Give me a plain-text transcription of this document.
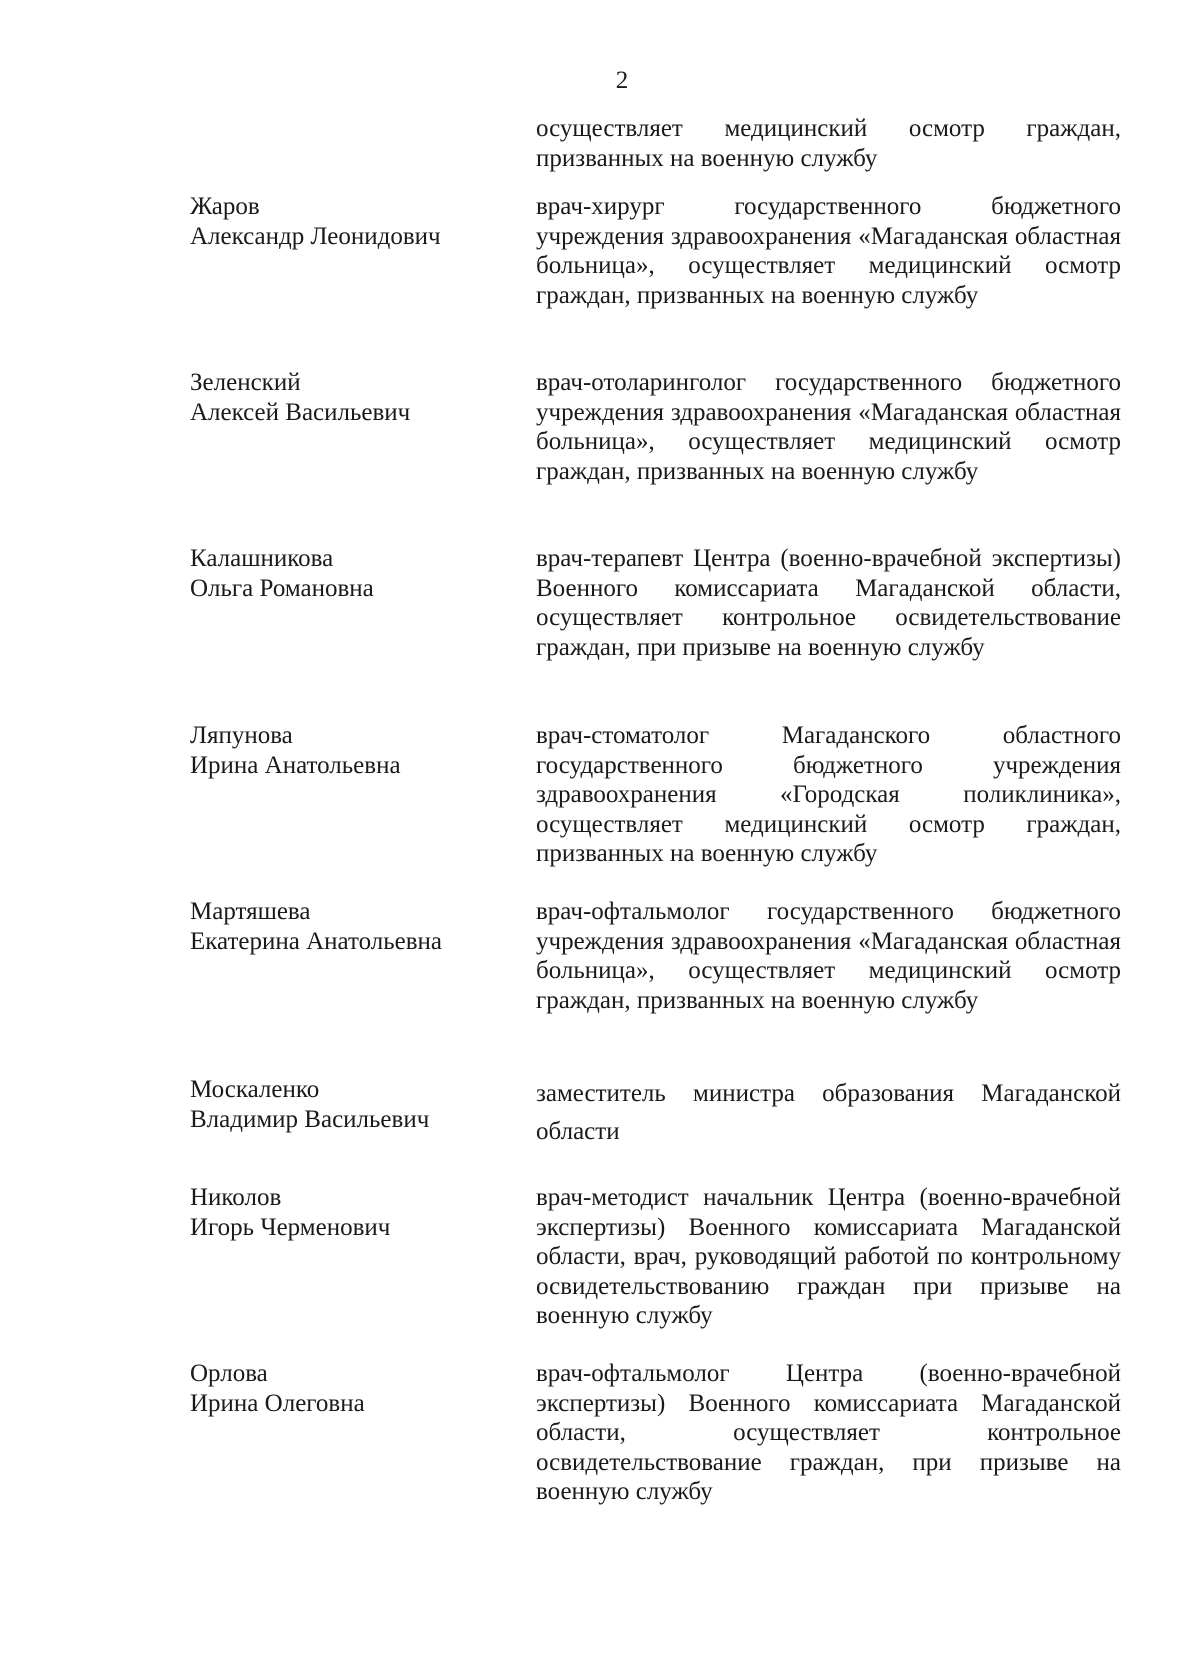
2

осуществляет медицинский осмотр граждан, призванных на военную службу

Жаров
Александр Леонидович

врач-хирург государственного бюджетного учреждения здравоохранения «Магаданская областная больница», осуществляет медицинский осмотр граждан, призванных на военную службу

Зеленский
Алексей Васильевич

врач-отоларинголог государственного бюджетного учреждения здравоохранения «Магаданская областная больница», осуществляет медицинский осмотр граждан, призванных на военную службу

Калашникова
Ольга Романовна

врач-терапевт Центра (военно-врачебной экспертизы) Военного комиссариата Магаданской области, осуществляет контрольное освидетельствование граждан, при призыве на военную службу

Ляпунова
Ирина Анатольевна

врач-стоматолог Магаданского областного государственного бюджетного учреждения здравоохранения «Городская поликлиника», осуществляет медицинский осмотр граждан, призванных на военную службу

Мартяшева
Екатерина Анатольевна

врач-офтальмолог государственного бюджетного учреждения здравоохранения «Магаданская областная больница», осуществляет медицинский осмотр граждан, призванных на военную службу

Москаленко
Владимир Васильевич

заместитель министра образования Магаданской области

Николов
Игорь Черменович

врач-методист начальник Центра (военно-врачебной экспертизы) Военного комиссариата Магаданской области, врач, руководящий работой по контрольному освидетельствованию граждан при призыве на военную службу

Орлова
Ирина Олеговна

врач-офтальмолог Центра (военно-врачебной экспертизы) Военного комиссариата Магаданской области, осуществляет контрольное освидетельствование граждан, при призыве на военную службу
